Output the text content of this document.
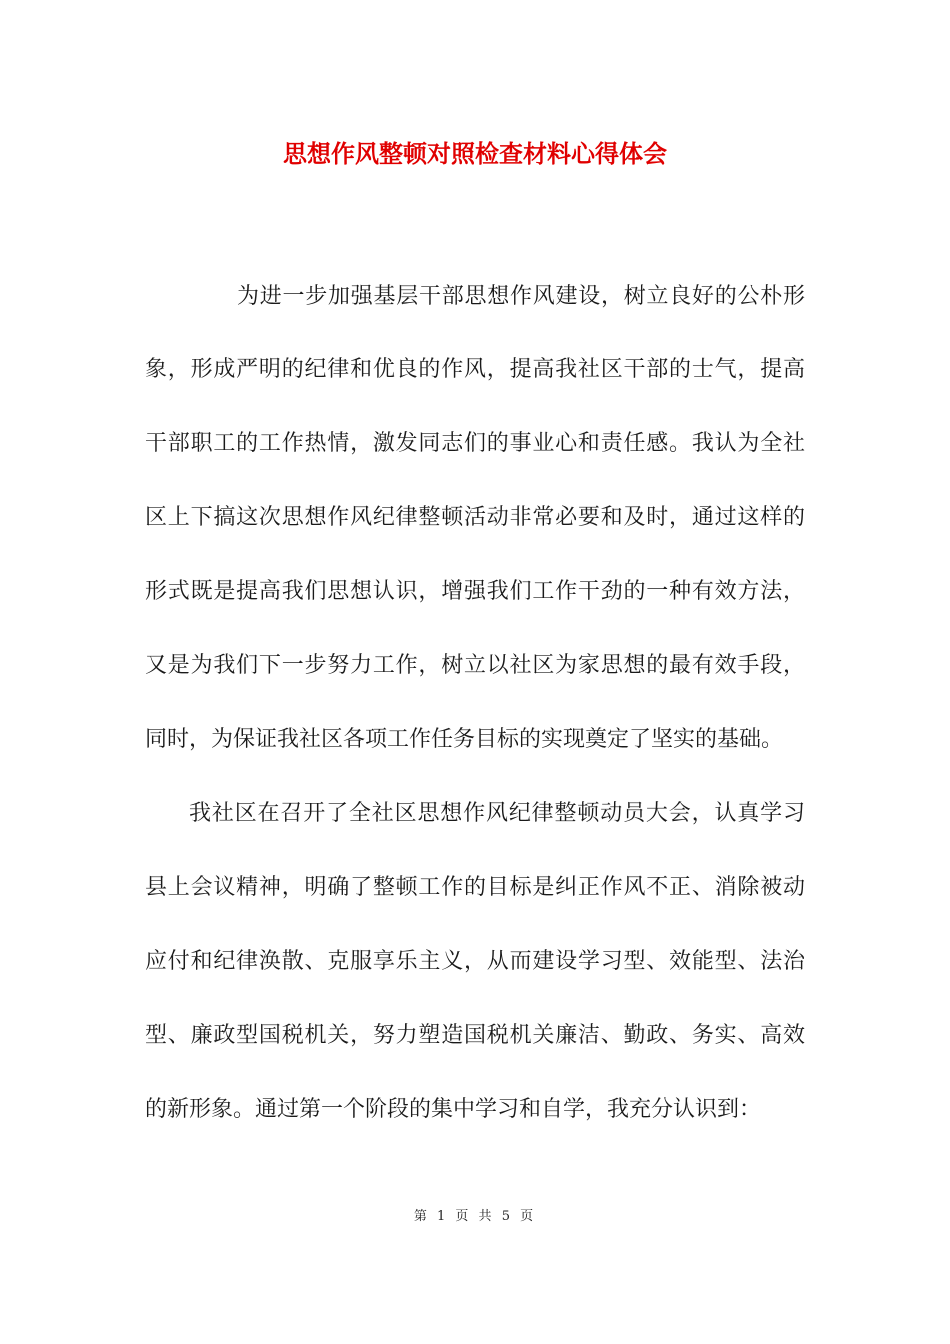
思想作风整顿对照检查材料心得体会
为进一步加强基层干部思想作风建设，树立良好的公朴形
象，形成严明的纪律和优良的作风，提高我社区干部的士气，提高
干部职工的工作热情，激发同志们的事业心和责任感。我认为全社
区上下搞这次思想作风纪律整顿活动非常必要和及时，通过这样的
形式既是提高我们思想认识，增强我们工作干劲的一种有效方法，
又是为我们下一步努力工作，树立以社区为家思想的最有效手段，
同时，为保证我社区各项工作任务目标的实现奠定了坚实的基础。
我社区在召开了全社区思想作风纪律整顿动员大会，认真学习
县上会议精神，明确了整顿工作的目标是纠正作风不正、消除被动
应付和纪律涣散、克服享乐主义，从而建设学习型、效能型、法治
型、廉政型国税机关，努力塑造国税机关廉洁、勤政、务实、高效
的新形象。通过第一个阶段的集中学习和自学，我充分认识到：
第 1 页 共 5 页
